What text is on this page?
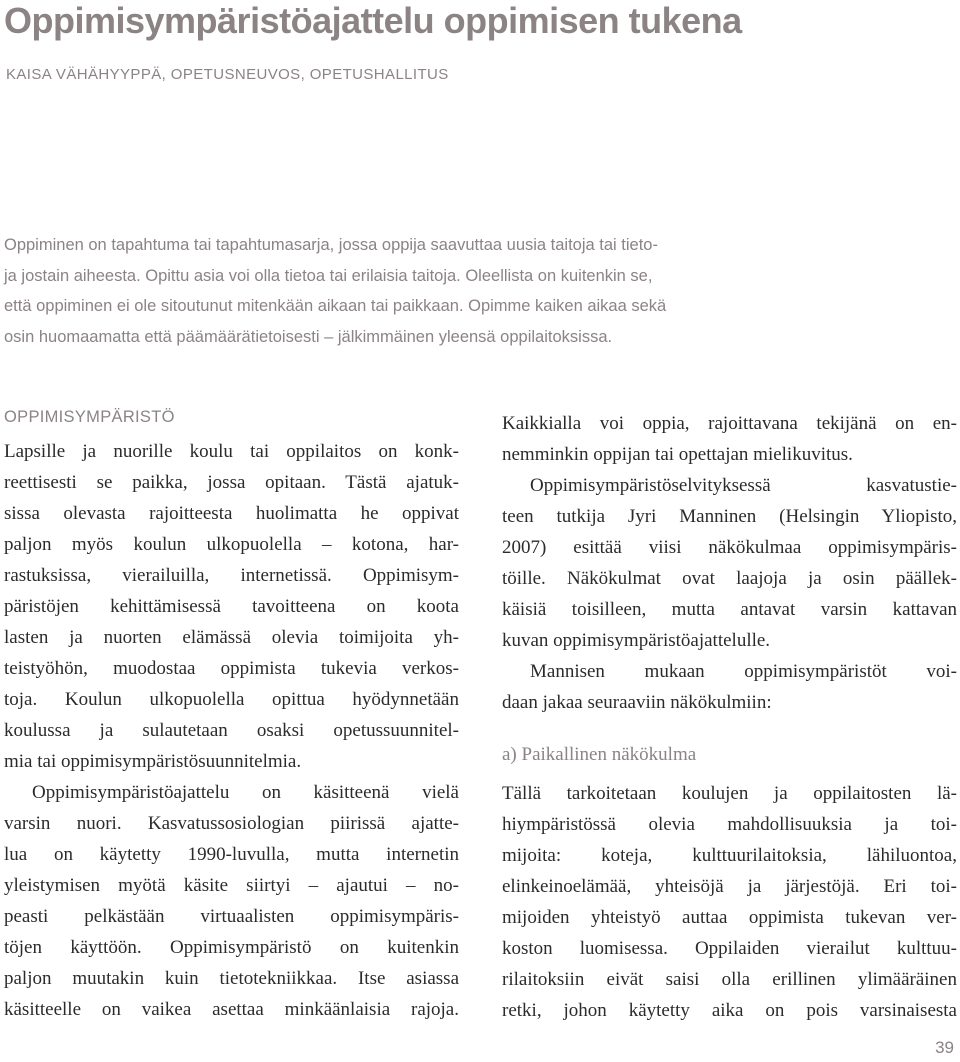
Oppimisympäristöajattelu oppimisen tukena
KAISA VÄHÄHYYPPÄ, OPETUSNEUVOS, OPETUSHALLITUS

Oppiminen on tapahtuma tai tapahtumasarja, jossa oppija saavuttaa uusia taitoja tai tieto-
ja jostain aiheesta. Opittu asia voi olla tietoa tai erilaisia taitoja. Oleellista on kuitenkin se,
että oppiminen ei ole sitoutunut mitenkään aikaan tai paikkaan. Opimme kaiken aikaa sekä
osin huomaamatta että päämäärätietoisesti – jälkimmäinen yleensä oppilaitoksissa.

OPPIMISYMPÄRISTÖ

Lapsille ja nuorille koulu tai oppilaitos on konk-
reettisesti se paikka, jossa opitaan. Tästä ajatuk-
sissa olevasta rajoitteesta huolimatta he oppivat
paljon myös koulun ulkopuolella – kotona, har-
rastuksissa, vierailuilla, internetissä. Oppimisym-
päristöjen kehittämisessä tavoitteena on koota
lasten ja nuorten elämässä olevia toimijoita yh-
teistyöhön, muodostaa oppimista tukevia verkos-
toja. Koulun ulkopuolella opittua hyödynnetään
koulussa ja sulautetaan osaksi opetussuunnitel-
mia tai oppimisympäristösuunnitelmia.

Oppimisympäristöajattelu on käsitteenä vielä
varsin nuori. Kasvatussosiologian piirissä ajatte-
lua on käytetty 1990-luvulla, mutta internetin
yleistymisen myötä käsite siirtyi – ajautui – no-
peasti pelkästään virtuaalisten oppimisympäris-
töjen käyttöön. Oppimisympäristö on kuitenkin
paljon muutakin kuin tietotekniikkaa. Itse asiassa
käsitteelle on vaikea asettaa minkäänlaisia rajoja.

Kaikkialla voi oppia, rajoittavana tekijänä on en-
nemminkin oppijan tai opettajan mielikuvitus.

Oppimisympäristöselvityksessä kasvatustie-
teen tutkija Jyri Manninen (Helsingin Yliopisto,
2007) esittää viisi näkökulmaa oppimisympäris-
töille. Näkökulmat ovat laajoja ja osin päällek-
käisiä toisilleen, mutta antavat varsin kattavan
kuvan oppimisympäristöajattelulle.

Mannisen mukaan oppimisympäristöt voi-
daan jakaa seuraaviin näkökulmiin:

a) Paikallinen näkökulma

Tällä tarkoitetaan koulujen ja oppilaitosten lä-
hiympäristössä olevia mahdollisuuksia ja toi-
mijoita: koteja, kulttuurilaitoksia, lähiluontoa,
elinkeinoelämää, yhteisöjä ja järjestöjä. Eri toi-
mijoiden yhteistyö auttaa oppimista tukevan ver-
koston luomisessa. Oppilaiden vierailut kulttuu-
rilaitoksiin eivät saisi olla erillinen ylimääräinen
retki, johon käytetty aika on pois varsinaisesta

39
